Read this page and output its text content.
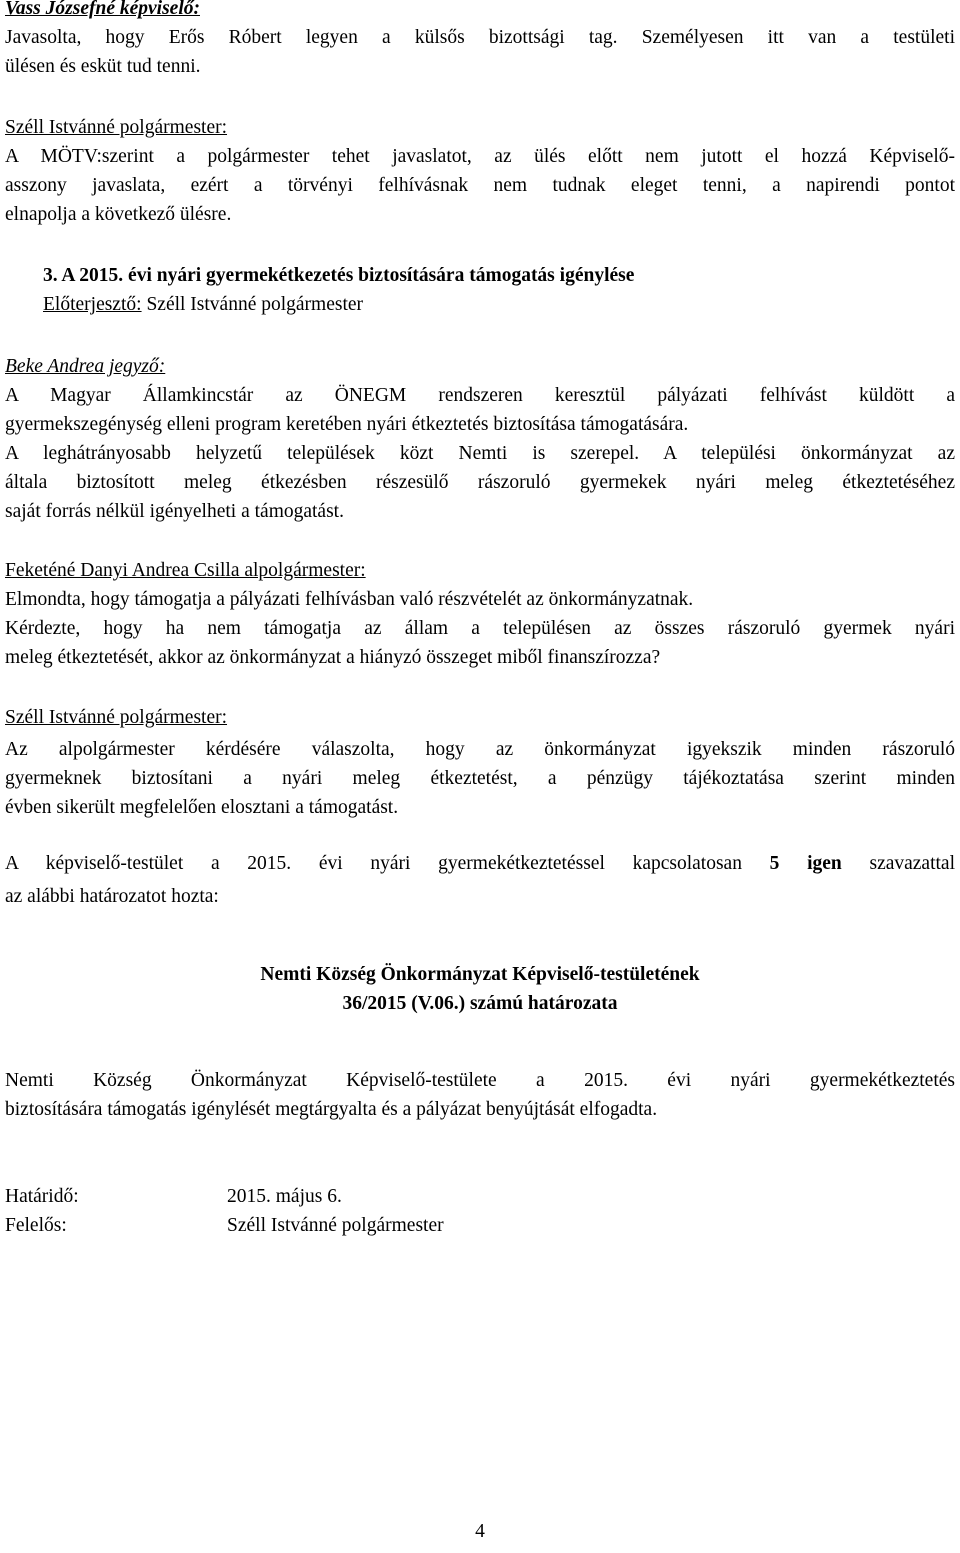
Vass Józsefné képviselő:
Javasolta, hogy Erős Róbert legyen a külsős bizottsági tag. Személyesen itt van a testületi
ülésen és esküt tud tenni.
Széll Istvánné polgármester:
A MÖTV:szerint a polgármester tehet javaslatot, az ülés előtt nem jutott el hozzá Képviselő-
asszony javaslata, ezért a törvényi felhívásnak nem tudnak eleget tenni, a napirendi pontot
elnapolja a következő ülésre.
3. A 2015. évi nyári gyermekétkezetés biztosítására támogatás igénylése
Előterjesztő: Széll Istvánné polgármester
Beke Andrea jegyző:
A Magyar Államkincstár az ÖNEGM rendszeren keresztül pályázati felhívást küldött a
gyermekszegénység elleni program keretében nyári étkeztetés biztosítása támogatására.
A leghátrányosabb helyzetű települések közt Nemti is szerepel. A települési önkormányzat az
általa biztosított meleg étkezésben részesülő rászoruló gyermekek nyári meleg étkeztetéséhez
saját forrás nélkül igényelheti a támogatást.
Feketéné Danyi Andrea Csilla alpolgármester:
Elmondta, hogy támogatja a pályázati felhívásban való részvételét az önkormányzatnak.
Kérdezte, hogy ha nem támogatja az állam a településen az összes rászoruló gyermek nyári
meleg étkeztetését, akkor az önkormányzat a hiányzó összeget miből finanszírozza?
Széll Istvánné polgármester:
Az alpolgármester kérdésére válaszolta, hogy az önkormányzat igyekszik minden rászoruló
gyermeknek biztosítani a nyári meleg étkeztetést, a pénzügy tájékoztatása szerint minden
évben sikerült megfelelően elosztani a támogatást.
A képviselő-testület a 2015. évi nyári gyermekétkeztetéssel kapcsolatosan 5 igen szavazattal
az alábbi határozatot hozta:
Nemti Község Önkormányzat Képviselő-testületének
36/2015 (V.06.) számú határozata
Nemti Község Önkormányzat Képviselő-testülete a 2015. évi nyári gyermekétkeztetés
biztosítására támogatás igénylését megtárgyalta és a pályázat benyújtását elfogadta.
Határidő:	2015. május 6.
Felelős:	Széll Istvánné polgármester
4
